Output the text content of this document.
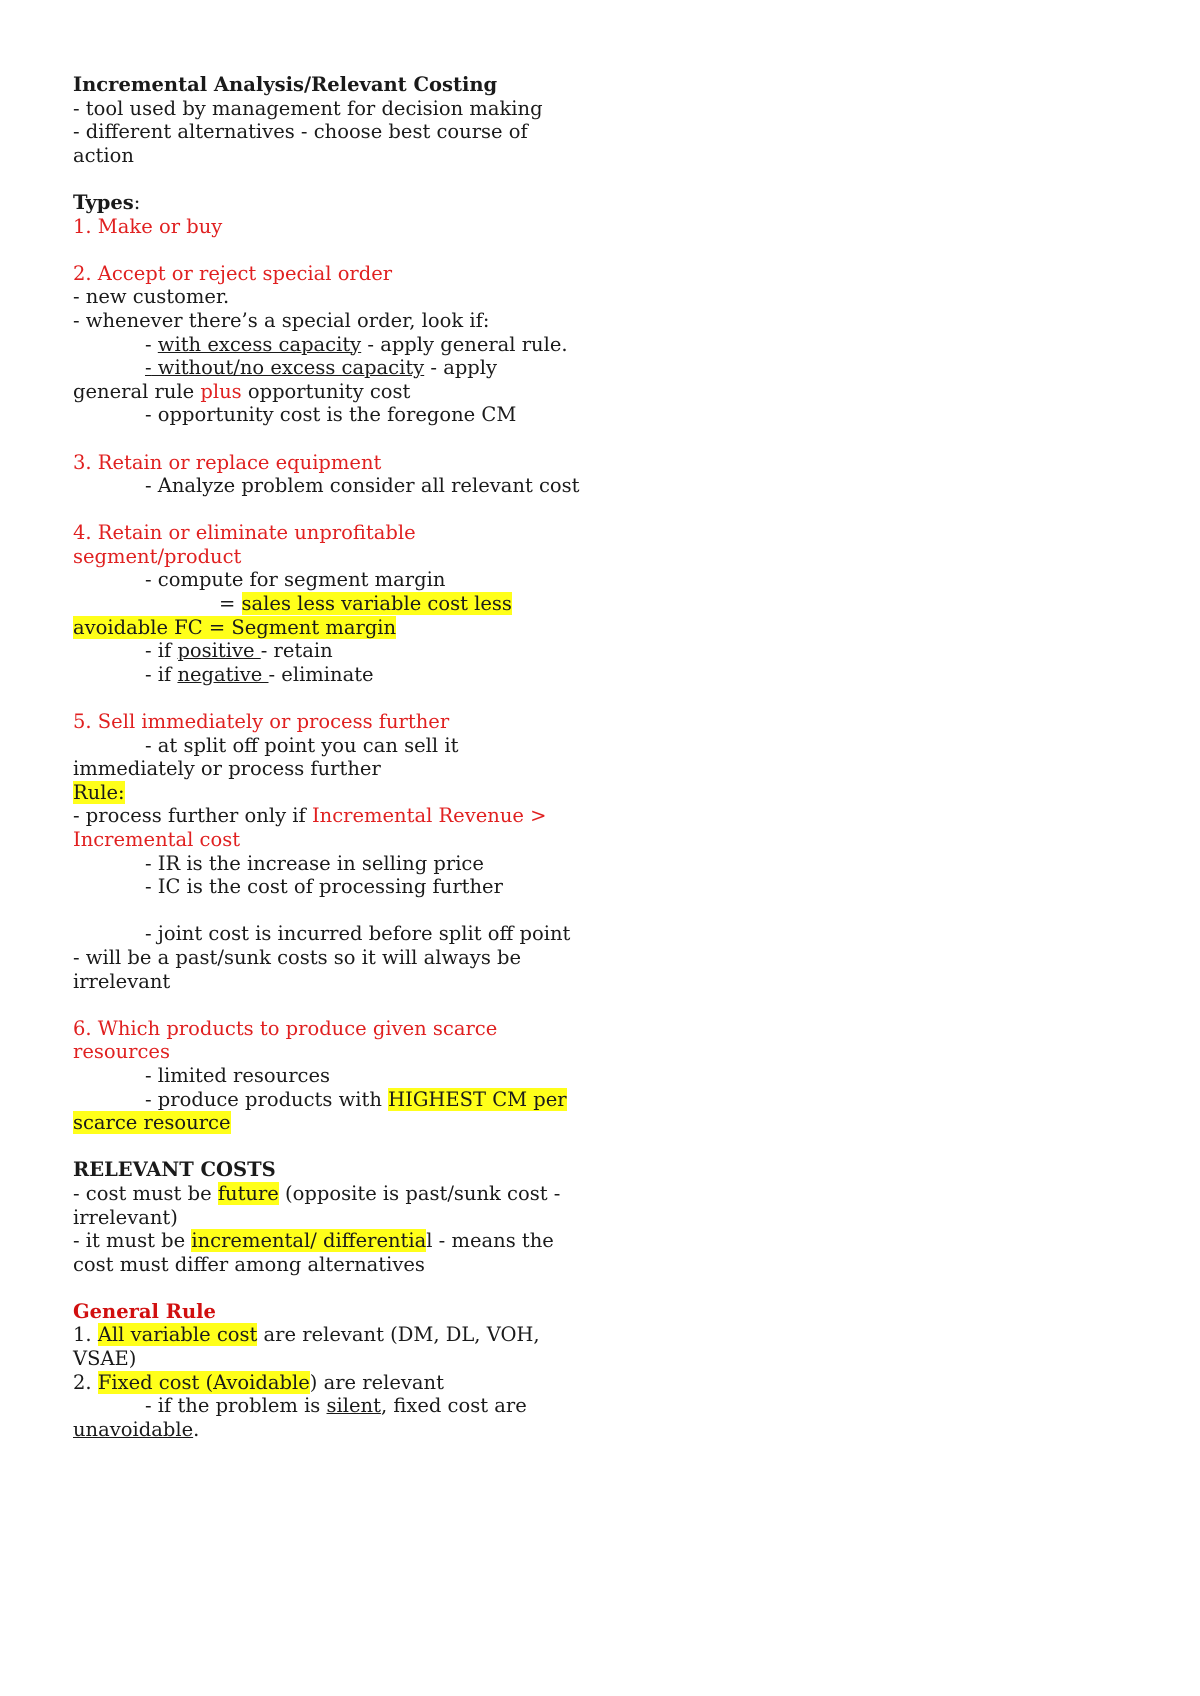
Incremental Analysis/Relevant Costing

- tool used by management for decision making

- different alternatives - choose best course of

action

Types:

1. Make or buy

2. Accept or reject special order

- new customer.

- whenever there’s a special order, look if:

- with excess capacity - apply general rule.

- without/no excess capacity - apply

general rule plus opportunity cost

- opportunity cost is the foregone CM

3. Retain or replace equipment

- Analyze problem consider all relevant cost

4. Retain or eliminate unprofitable

segment/product

- compute for segment margin

= sales less variable cost less

avoidable FC = Segment margin

- if positive - retain

- if negative - eliminate

5. Sell immediately or process further

- at split off point you can sell it

immediately or process further

Rule:

- process further only if Incremental Revenue >

Incremental cost

- IR is the increase in selling price

- IC is the cost of processing further

- joint cost is incurred before split off point

- will be a past/sunk costs so it will always be

irrelevant

6. Which products to produce given scarce

resources

- limited resources

- produce products with HIGHEST CM per

scarce resource

RELEVANT COSTS

- cost must be future (opposite is past/sunk cost -

irrelevant)

- it must be incremental/ differential - means the

cost must differ among alternatives

General Rule

1. All variable cost are relevant (DM, DL, VOH,

VSAE)

2. Fixed cost (Avoidable) are relevant

- if the problem is silent, fixed cost are

unavoidable.
